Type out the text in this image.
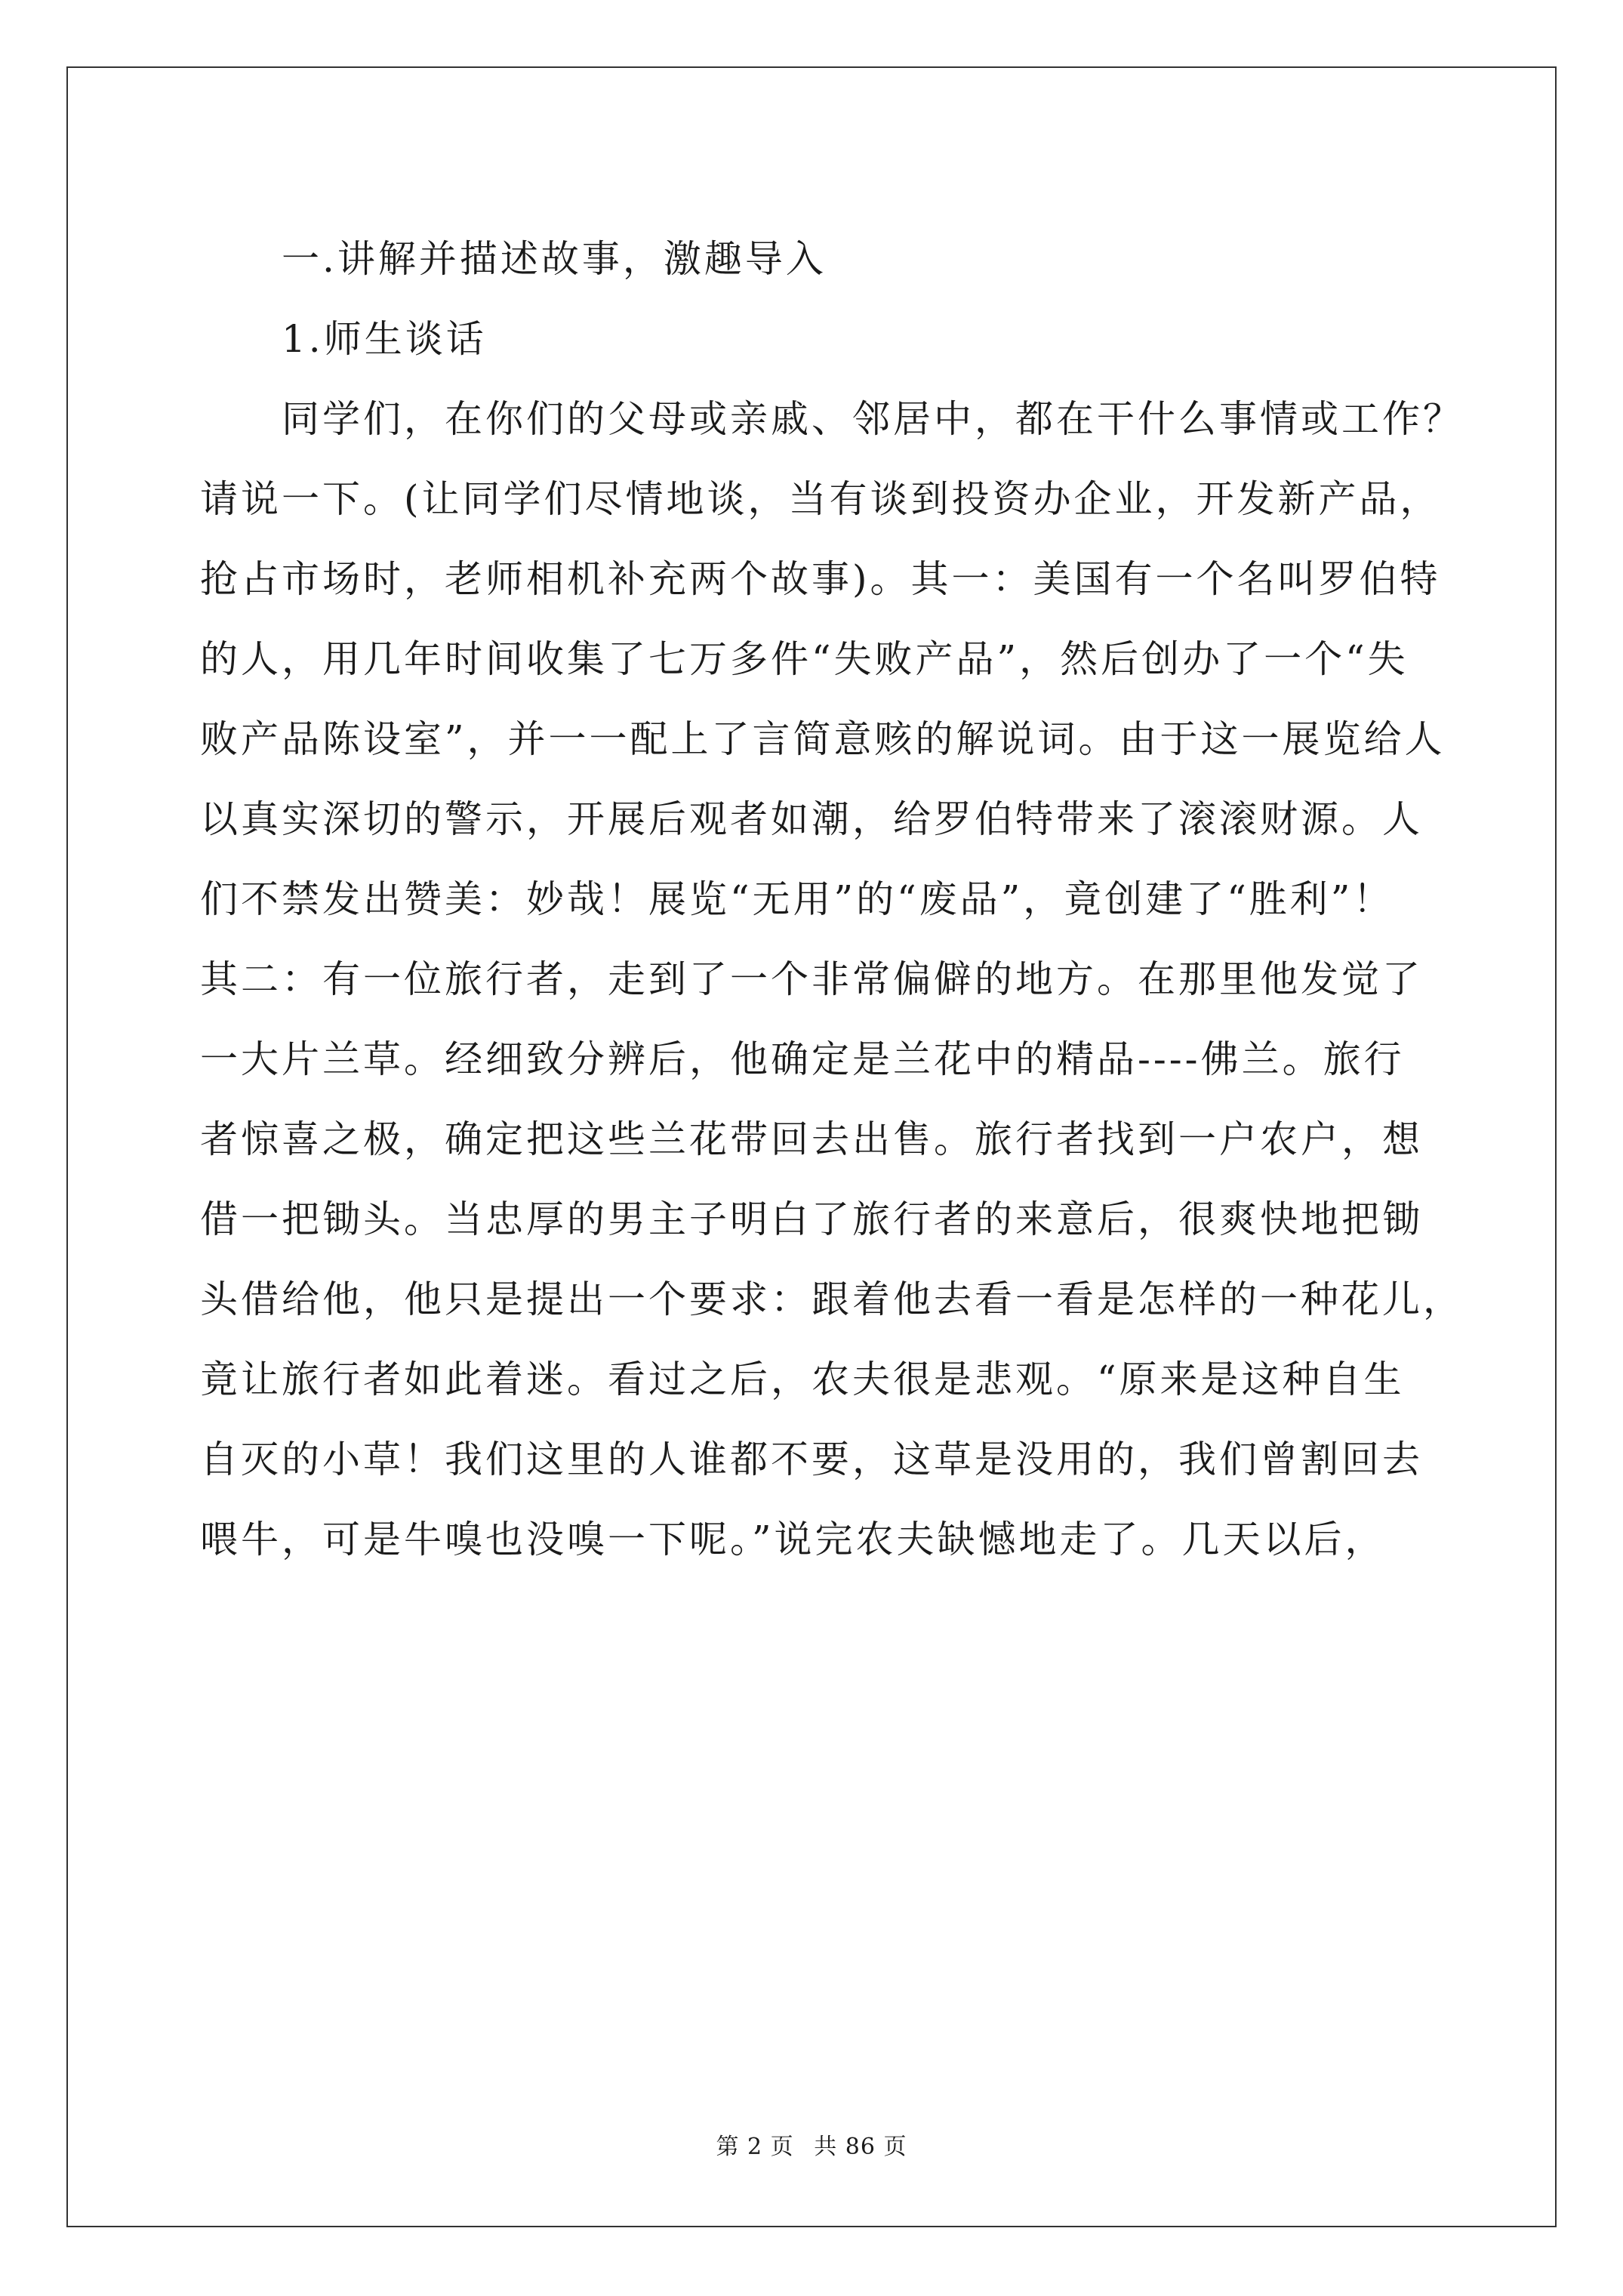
一.讲解并描述故事，激趣导入
1.师生谈话
同学们，在你们的父母或亲戚、邻居中，都在干什么事情或工作？
请说一下。(让同学们尽情地谈，当有谈到投资办企业，开发新产品，
抢占市场时，老师相机补充两个故事)。其一：美国有一个名叫罗伯特
的人，用几年时间收集了七万多件“失败产品”，然后创办了一个“失
败产品陈设室”，并一一配上了言简意赅的解说词。由于这一展览给人
以真实深切的警示，开展后观者如潮，给罗伯特带来了滚滚财源。人
们不禁发出赞美：妙哉！展览“无用”的“废品”，竟创建了“胜利”！
其二：有一位旅行者，走到了一个非常偏僻的地方。在那里他发觉了
一大片兰草。经细致分辨后，他确定是兰花中的精品----佛兰。旅行
者惊喜之极，确定把这些兰花带回去出售。旅行者找到一户农户，想
借一把锄头。当忠厚的男主子明白了旅行者的来意后，很爽快地把锄
头借给他，他只是提出一个要求：跟着他去看一看是怎样的一种花儿，
竟让旅行者如此着迷。看过之后，农夫很是悲观。“原来是这种自生
自灭的小草！我们这里的人谁都不要，这草是没用的，我们曾割回去
喂牛，可是牛嗅也没嗅一下呢。”说完农夫缺憾地走了。几天以后，
第 2 页 共 86 页
